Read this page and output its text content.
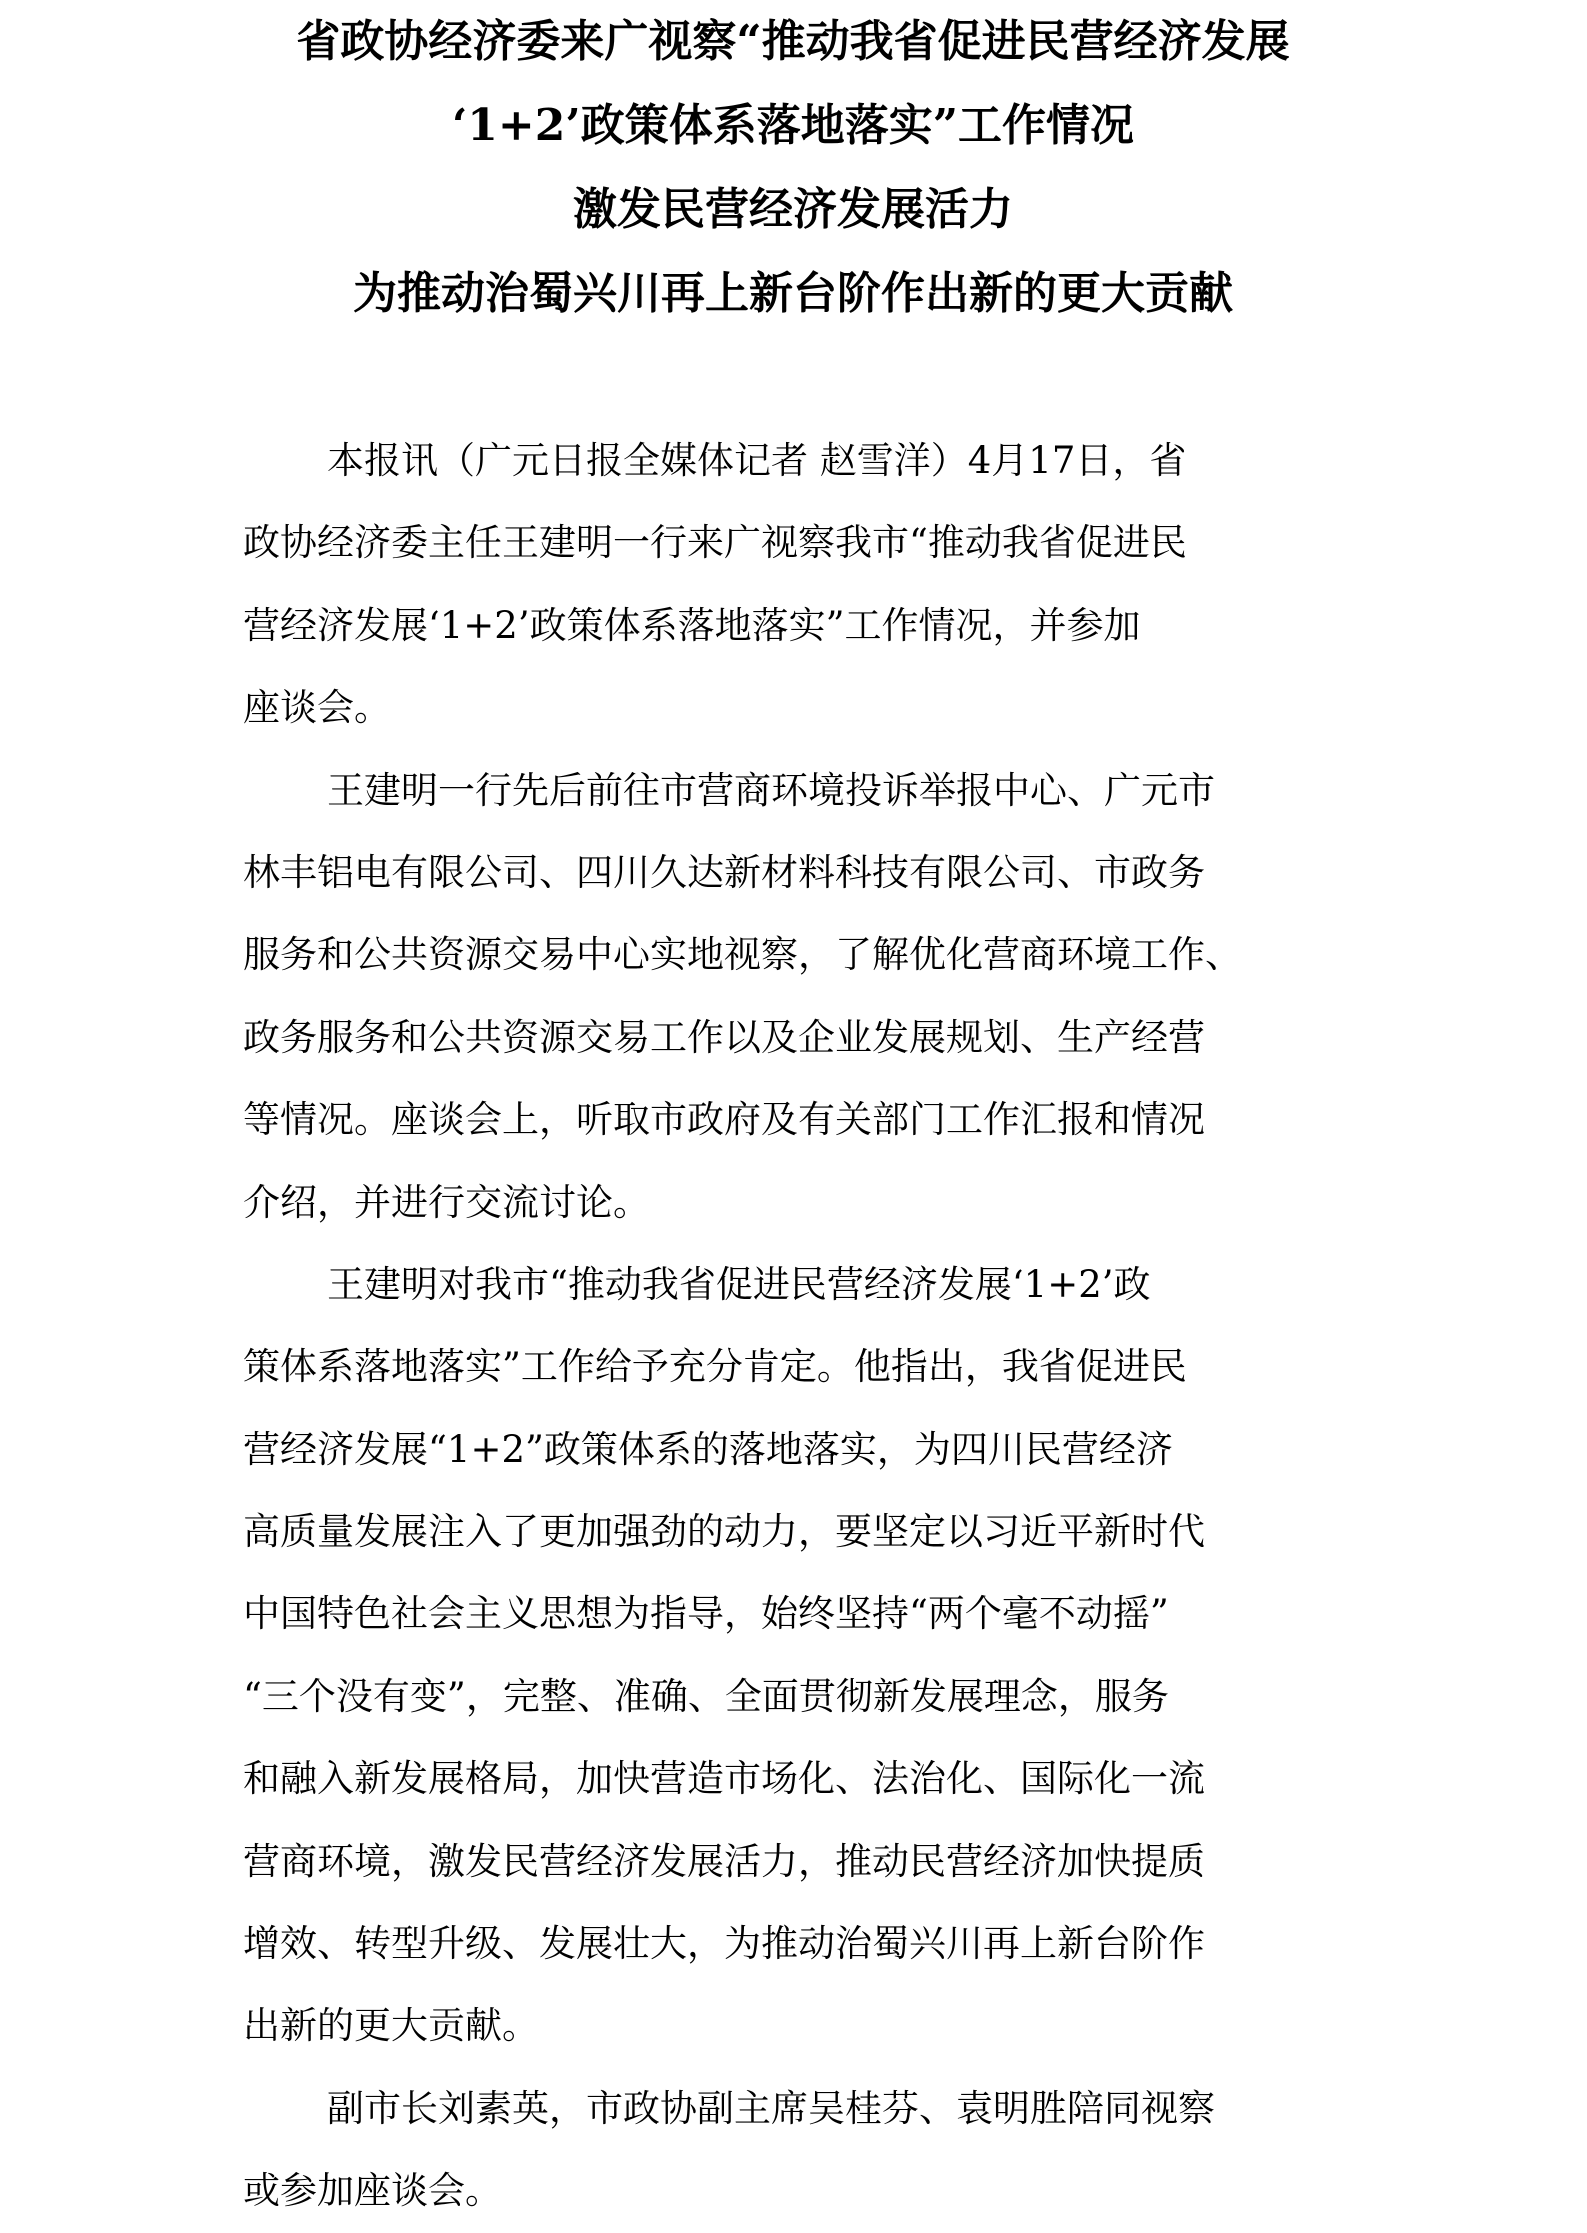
省政协经济委来广视察“推动我省促进民营经济发展
‘1+2’政策体系落地落实”工作情况
激发民营经济发展活力
为推动治蜀兴川再上新台阶作出新的更大贡献
本报讯（广元日报全媒体记者 赵雪洋）4月17日，省
政协经济委主任王建明一行来广视察我市“推动我省促进民
营经济发展‘1+2’政策体系落地落实”工作情况，并参加
座谈会。
王建明一行先后前往市营商环境投诉举报中心、广元市
林丰铝电有限公司、四川久达新材料科技有限公司、市政务
服务和公共资源交易中心实地视察，了解优化营商环境工作、
政务服务和公共资源交易工作以及企业发展规划、生产经营
等情况。座谈会上，听取市政府及有关部门工作汇报和情况
介绍，并进行交流讨论。
王建明对我市“推动我省促进民营经济发展‘1+2’政
策体系落地落实”工作给予充分肯定。他指出，我省促进民
营经济发展“1+2”政策体系的落地落实，为四川民营经济
高质量发展注入了更加强劲的动力，要坚定以习近平新时代
中国特色社会主义思想为指导，始终坚持“两个毫不动摇”
“三个没有变”，完整、准确、全面贯彻新发展理念，服务
和融入新发展格局，加快营造市场化、法治化、国际化一流
营商环境，激发民营经济发展活力，推动民营经济加快提质
增效、转型升级、发展壮大，为推动治蜀兴川再上新台阶作
出新的更大贡献。
副市长刘素英，市政协副主席吴桂芬、袁明胜陪同视察
或参加座谈会。
